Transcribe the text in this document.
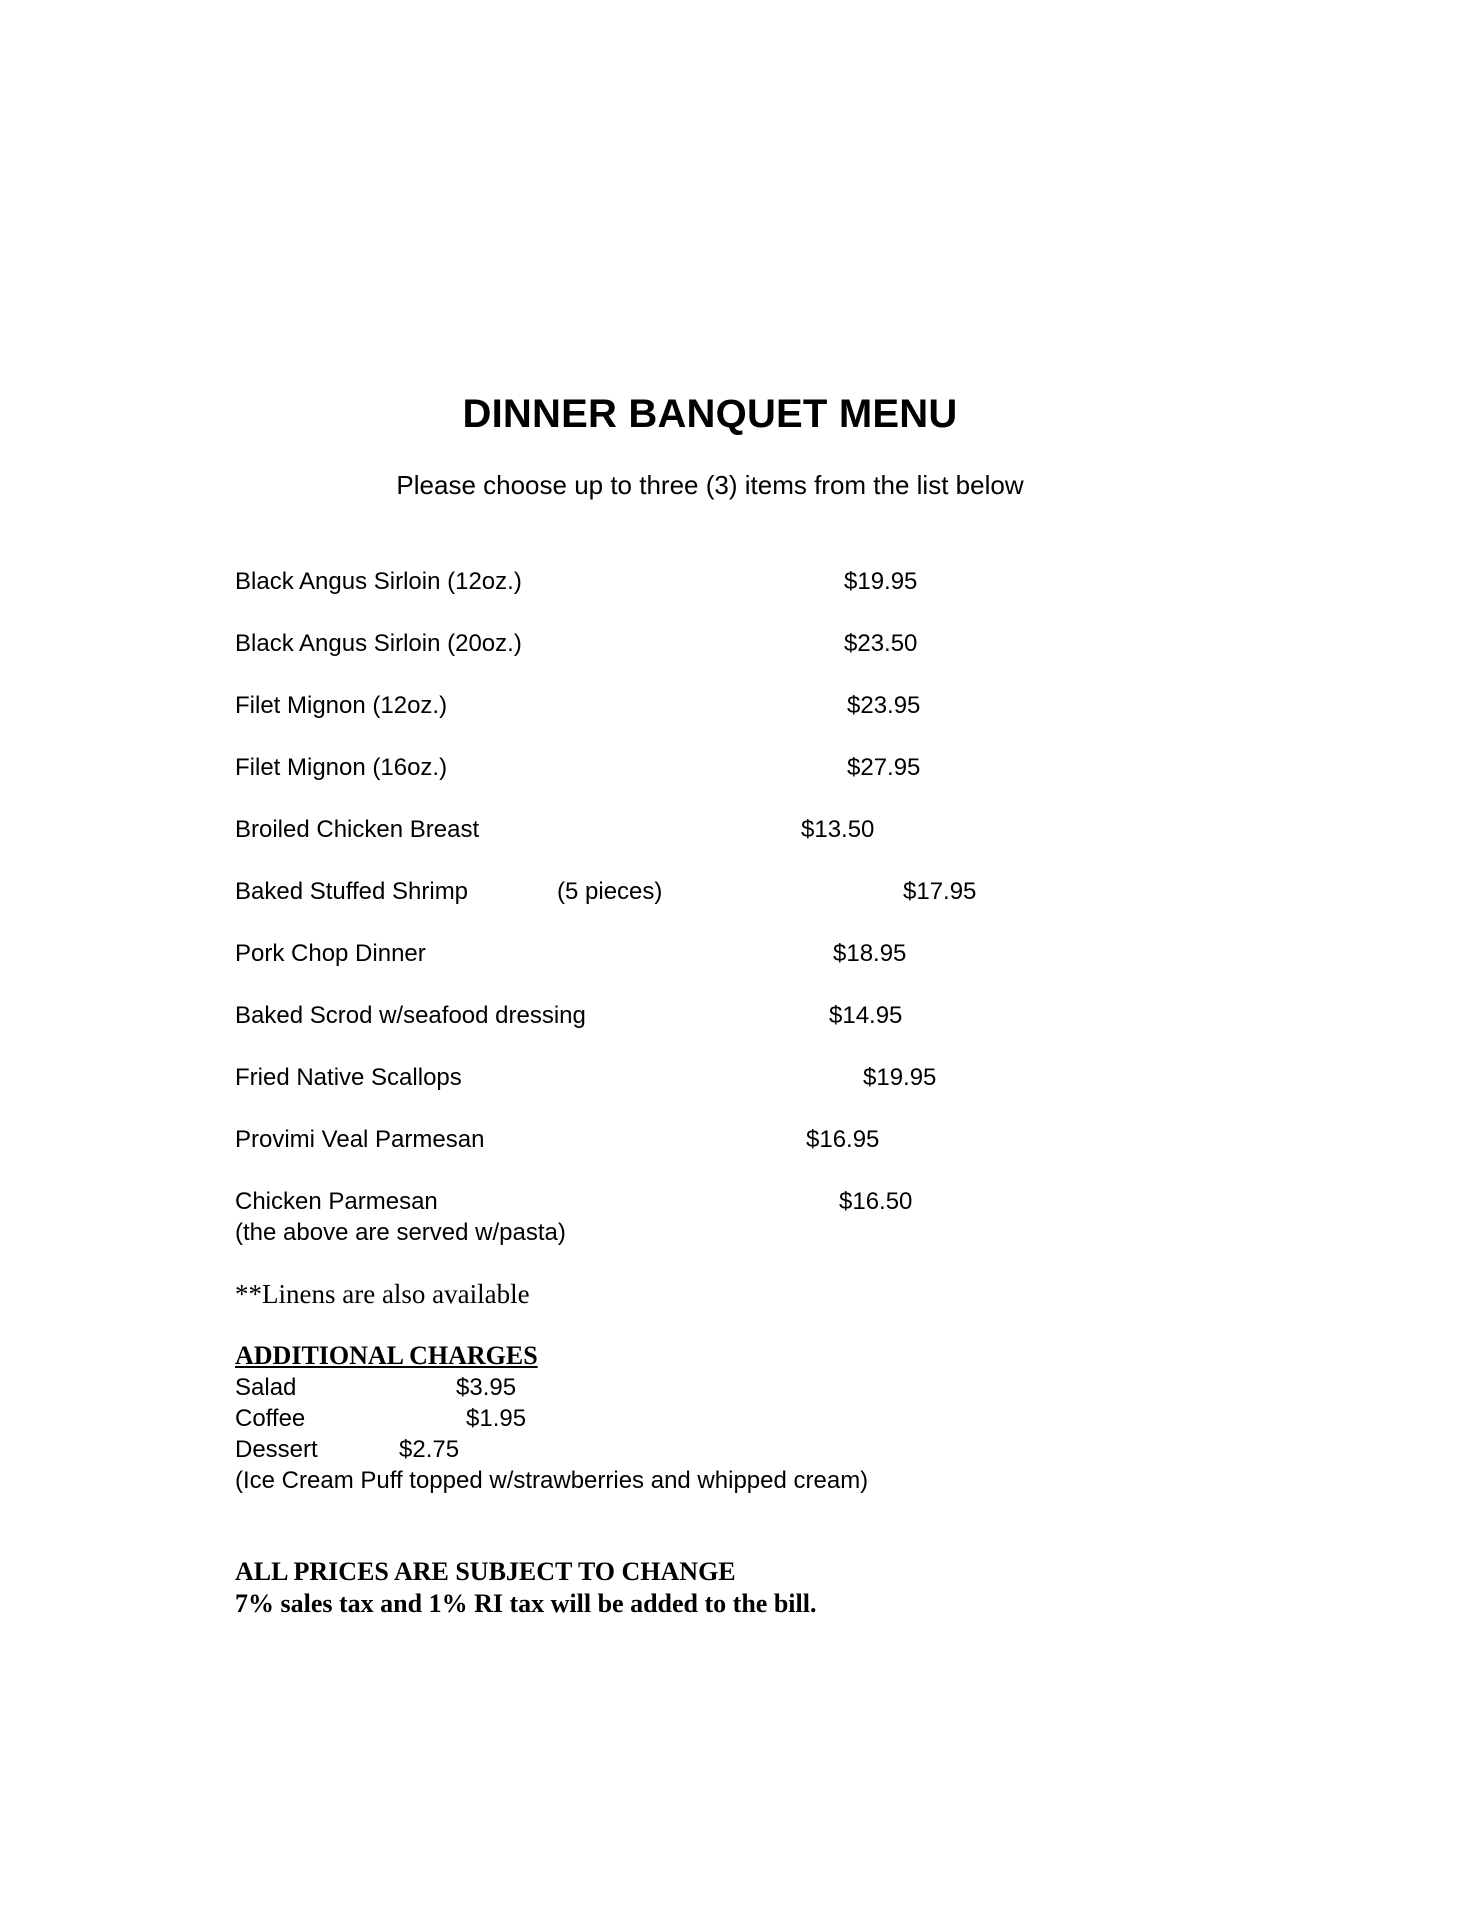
DINNER BANQUET MENU
Please choose up to three (3) items from the list below
Black Angus Sirloin (12oz.)	$19.95
Black Angus Sirloin (20oz.)	$23.50
Filet Mignon (12oz.)	$23.95
Filet Mignon (16oz.)	$27.95
Broiled Chicken Breast	$13.50
Baked Stuffed Shrimp	(5 pieces)	$17.95
Pork Chop Dinner	$18.95
Baked Scrod w/seafood dressing	$14.95
Fried Native Scallops	$19.95
Provimi Veal Parmesan	$16.95
Chicken Parmesan	$16.50
(the above are served w/pasta)
**Linens are also available
ADDITIONAL CHARGES
Salad	$3.95
Coffee	$1.95
Dessert	$2.75
(Ice Cream Puff topped w/strawberries and whipped cream)
ALL PRICES ARE SUBJECT TO CHANGE
7% sales tax and 1% RI tax will be added to the bill.
